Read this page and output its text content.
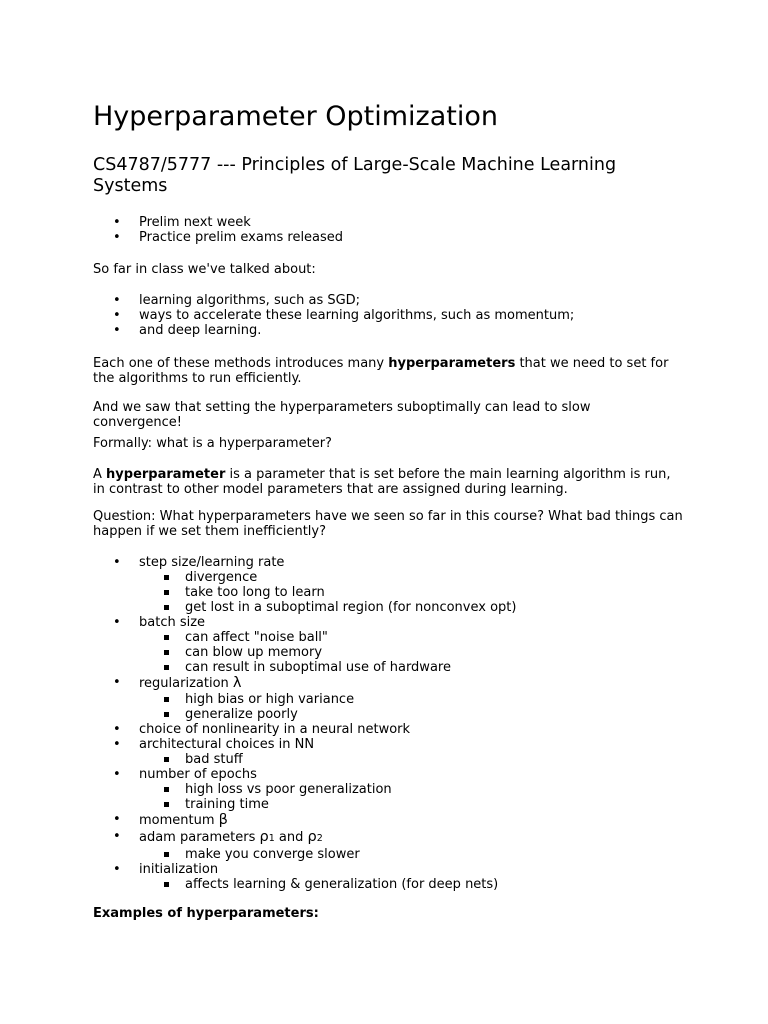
Hyperparameter Optimization
CS4787/5777 --- Principles of Large-Scale Machine Learning Systems
• Prelim next week
• Practice prelim exams released

So far in class we've talked about:

• learning algorithms, such as SGD;
• ways to accelerate these learning algorithms, such as momentum;
• and deep learning.

Each one of these methods introduces many hyperparameters that we need to set for the algorithms to run efficiently.

And we saw that setting the hyperparameters suboptimally can lead to slow convergence!

Formally: what is a hyperparameter?

A hyperparameter is a parameter that is set before the main learning algorithm is run, in contrast to other model parameters that are assigned during learning.

Question: What hyperparameters have we seen so far in this course? What bad things can happen if we set them inefficiently?

• step size/learning rate
divergence
take too long to learn
get lost in a suboptimal region (for nonconvex opt)
• batch size
can affect "noise ball"
can blow up memory
can result in suboptimal use of hardware
• regularization λ
high bias or high variance
generalize poorly
• choice of nonlinearity in a neural network
• architectural choices in NN
bad stuff
• number of epochs
high loss vs poor generalization
training time
• momentum β
• adam parameters ρ1 and ρ2
make you converge slower
• initialization
affects learning & generalization (for deep nets)

Examples of hyperparameters:
